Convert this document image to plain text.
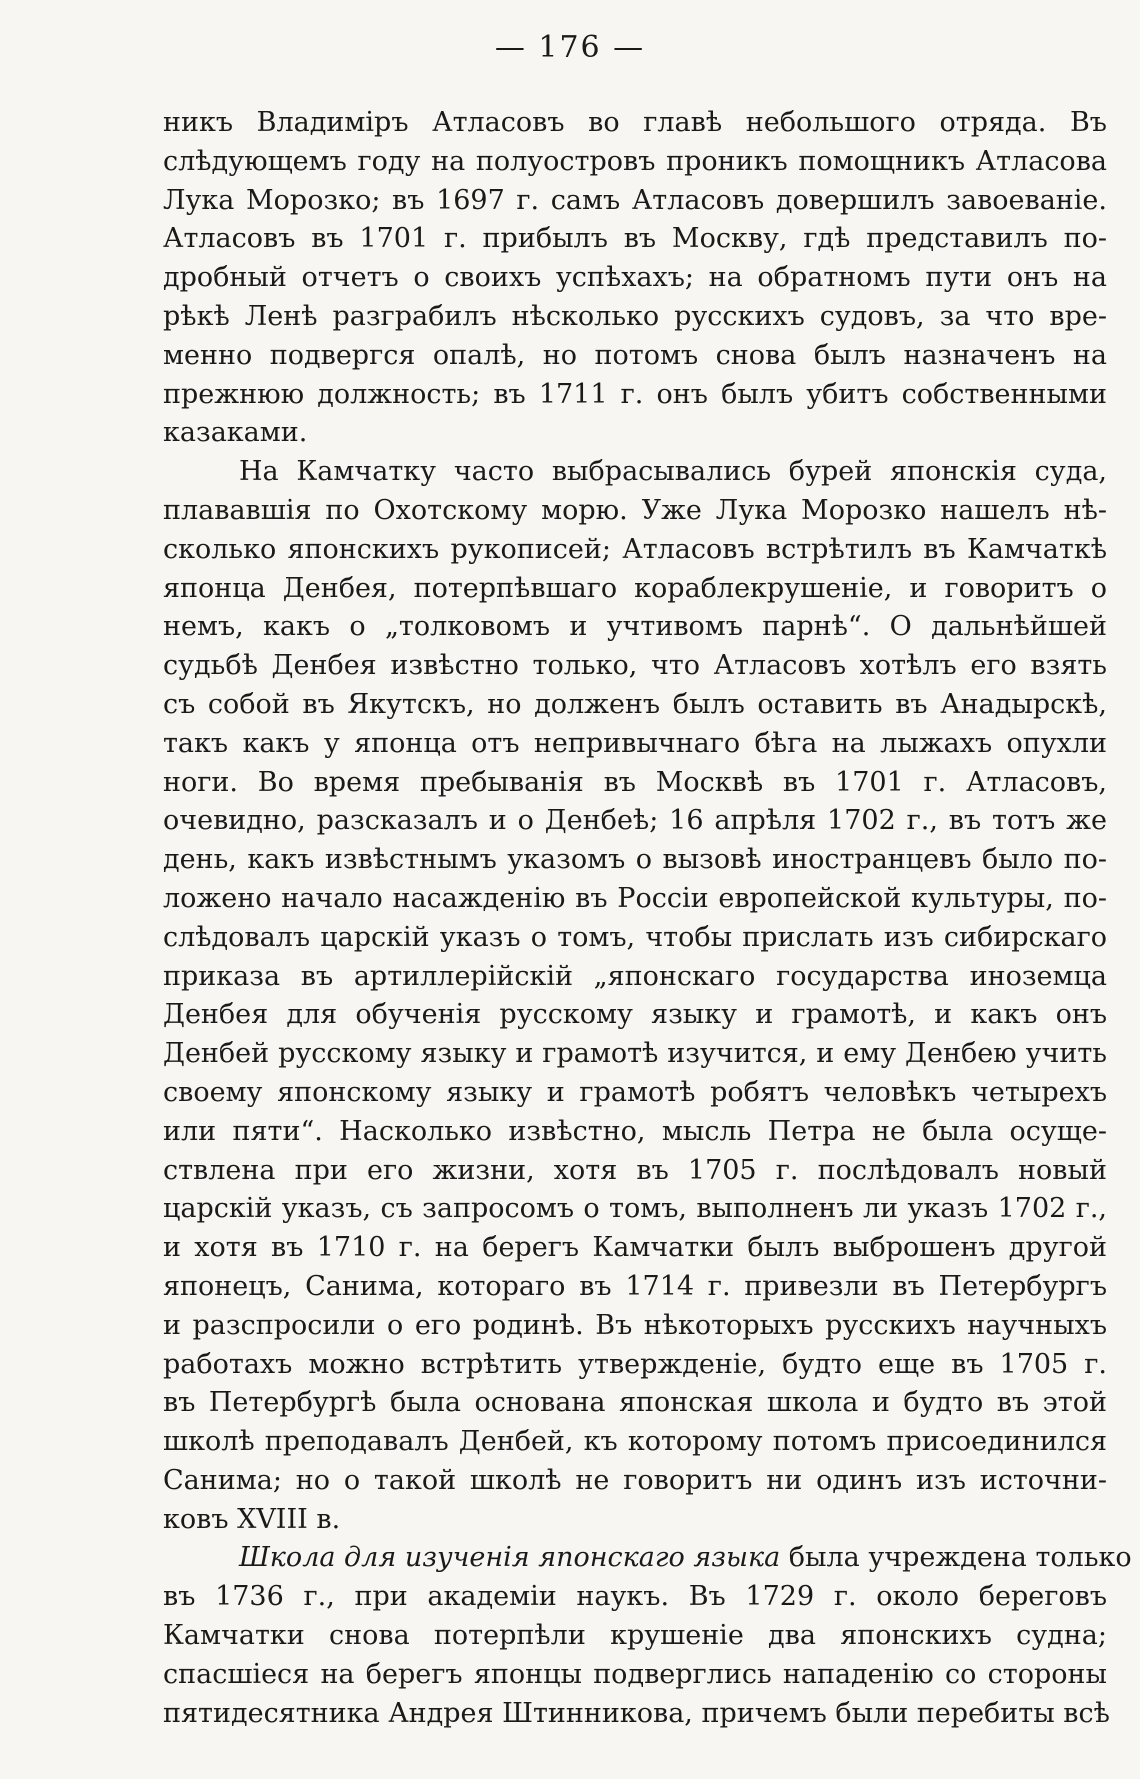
— 176 —
никъ Владиміръ Атласовъ во главѣ небольшого отряда. Въ
слѣдующемъ году на полуостровъ проникъ помощникъ Атласова
Лука Морозко; въ 1697 г. самъ Атласовъ довершилъ завоеваніе.
Атласовъ въ 1701 г. прибылъ въ Москву, гдѣ представилъ по-
дробный отчетъ о своихъ успѣхахъ; на обратномъ пути онъ на
рѣкѣ Ленѣ разграбилъ нѣсколько русскихъ судовъ, за что вре-
менно подвергся опалѣ, но потомъ снова былъ назначенъ на
прежнюю должность; въ 1711 г. онъ былъ убитъ собственными
казаками.
На Камчатку часто выбрасывались бурей японскія суда,
плававшія по Охотскому морю. Уже Лука Морозко нашелъ нѣ-
сколько японскихъ рукописей; Атласовъ встрѣтилъ въ Камчаткѣ
японца Денбея, потерпѣвшаго кораблекрушеніе, и говоритъ о
немъ, какъ о „толковомъ и учтивомъ парнѣ“. О дальнѣйшей
судьбѣ Денбея извѣстно только, что Атласовъ хотѣлъ его взять
съ собой въ Якутскъ, но долженъ былъ оставить въ Анадырскѣ,
такъ какъ у японца отъ непривычнаго бѣга на лыжахъ опухли
ноги. Во время пребыванія въ Москвѣ въ 1701 г. Атласовъ,
очевидно, разсказалъ и о Денбеѣ; 16 апрѣля 1702 г., въ тотъ же
день, какъ извѣстнымъ указомъ о вызовѣ иностранцевъ было по-
ложено начало насажденію въ Россіи европейской культуры, по-
слѣдовалъ царскій указъ о томъ, чтобы прислать изъ сибирскаго
приказа въ артиллерійскій „японскаго государства иноземца
Денбея для обученія русскому языку и грамотѣ, и какъ онъ
Денбей русскому языку и грамотѣ изучится, и ему Денбею учить
своему японскому языку и грамотѣ робятъ человѣкъ четырехъ
или пяти“. Насколько извѣстно, мысль Петра не была осуще-
ствлена при его жизни, хотя въ 1705 г. послѣдовалъ новый
царскій указъ, съ запросомъ о томъ, выполненъ ли указъ 1702 г.,
и хотя въ 1710 г. на берегъ Камчатки былъ выброшенъ другой
японецъ, Санима, котораго въ 1714 г. привезли въ Петербургъ
и разспросили о его родинѣ. Въ нѣкоторыхъ русскихъ научныхъ
работахъ можно встрѣтить утвержденіе, будто еще въ 1705 г.
въ Петербургѣ была основана японская школа и будто въ этой
школѣ преподавалъ Денбей, къ которому потомъ присоединился
Санима; но о такой школѣ не говоритъ ни одинъ изъ источни-
ковъ XVIII в.
Школа для изученія японскаго языка была учреждена только
въ 1736 г., при академіи наукъ. Въ 1729 г. около береговъ
Камчатки снова потерпѣли крушеніе два японскихъ судна;
спасшіеся на берегъ японцы подверглись нападенію со стороны
пятидесятника Андрея Штинникова, причемъ были перебиты всѣ
